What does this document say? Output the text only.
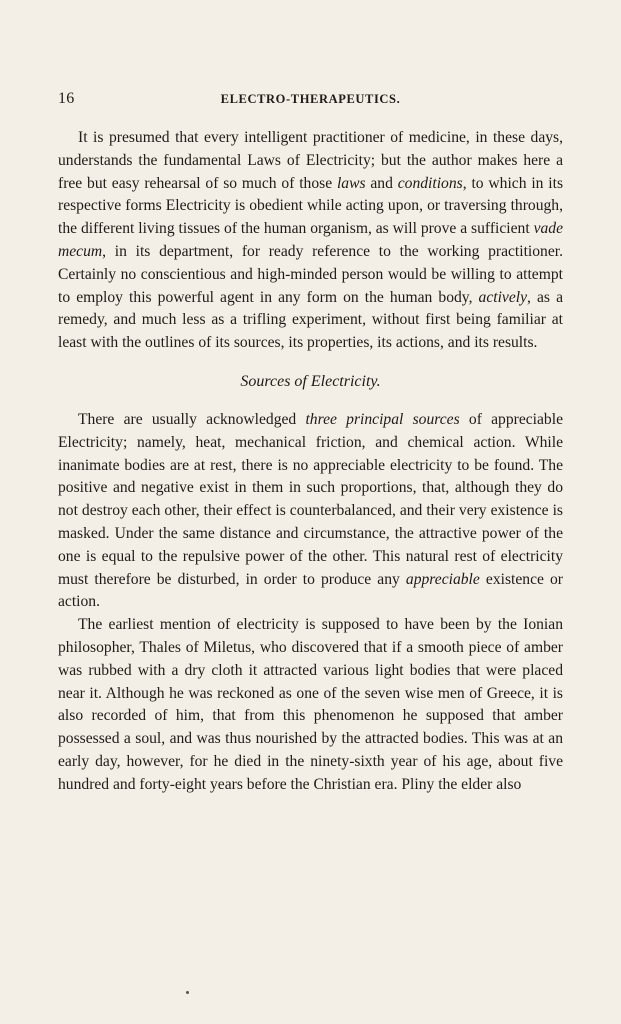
16	ELECTRO-THERAPEUTICS.

It is presumed that every intelligent practitioner of medicine, in these days, understands the fundamental Laws of Electricity; but the author makes here a free but easy rehearsal of so much of those laws and conditions, to which in its respective forms Electricity is obedient while acting upon, or traversing through, the different living tissues of the human organism, as will prove a sufficient vade mecum, in its department, for ready reference to the working practitioner. Certainly no conscientious and high-minded person would be willing to attempt to employ this powerful agent in any form on the human body, actively, as a remedy, and much less as a trifling experiment, without first being familiar at least with the outlines of its sources, its properties, its actions, and its results.

Sources of Electricity.

There are usually acknowledged three principal sources of appreciable Electricity; namely, heat, mechanical friction, and chemical action. While inanimate bodies are at rest, there is no appreciable electricity to be found. The positive and negative exist in them in such proportions, that, although they do not destroy each other, their effect is counterbalanced, and their very existence is masked. Under the same distance and circumstance, the attractive power of the one is equal to the repulsive power of the other. This natural rest of electricity must therefore be disturbed, in order to produce any appreciable existence or action.

The earliest mention of electricity is supposed to have been by the Ionian philosopher, Thales of Miletus, who discovered that if a smooth piece of amber was rubbed with a dry cloth it attracted various light bodies that were placed near it. Although he was reckoned as one of the seven wise men of Greece, it is also recorded of him, that from this phenomenon he supposed that amber possessed a soul, and was thus nourished by the attracted bodies. This was at an early day, however, for he died in the ninety-sixth year of his age, about five hundred and forty-eight years before the Christian era. Pliny the elder also
